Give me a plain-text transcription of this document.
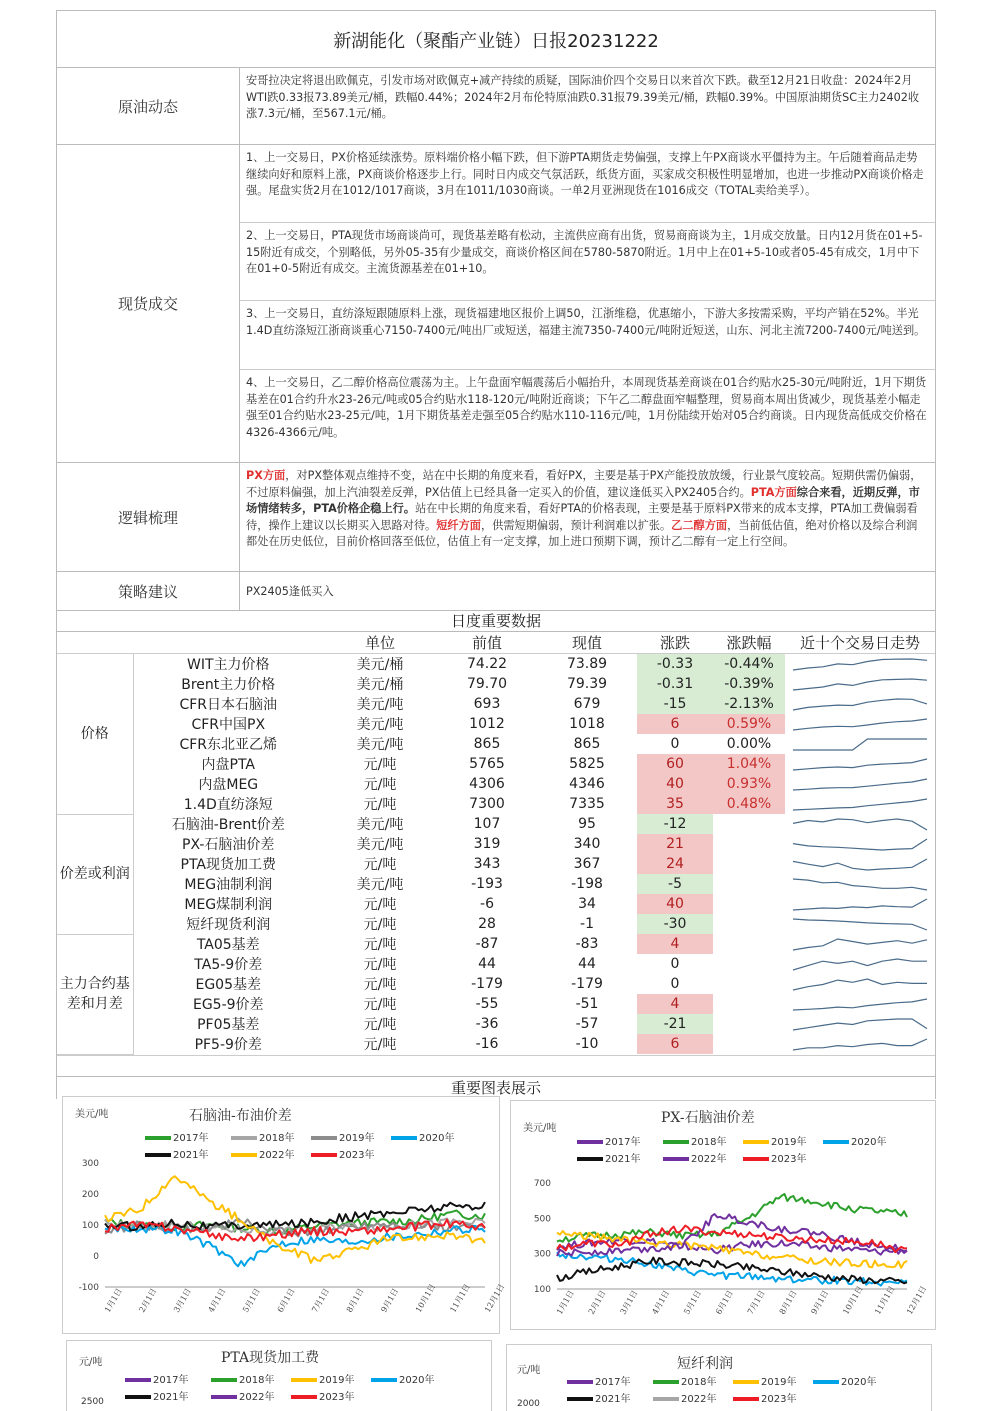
新湖能化（聚酯产业链）日报20231222
原油动态
安哥拉决定将退出欧佩克，引发市场对欧佩克+减产持续的质疑，国际油价四个交易日以来首次下跌。截至12月21日收盘：2024年2月WTI跌0.33报73.89美元/桶，跌幅0.44%；2024年2月布伦特原油跌0.31报79.39美元/桶，跌幅0.39%。中国原油期货SC主力2402收涨7.3元/桶，至567.1元/桶。
现货成交
1、上一交易日，PX价格延续涨势。原料端价格小幅下跌，但下游PTA期货走势偏强，支撑上午PX商谈水平僵持为主。午后随着商品走势继续向好和原料上涨，PX商谈价格逐步上行。同时日内成交气氛活跃，纸货方面，买家成交积极性明显增加，也进一步推动PX商谈价格走强。尾盘实货2月在1012/1017商谈，3月在1011/1030商谈。一单2月亚洲现货在1016成交（TOTAL卖给美孚）。
2、上一交易日，PTA现货市场商谈尚可，现货基差略有松动，主流供应商有出货，贸易商商谈为主，1月成交放量。日内12月货在01+5-15附近有成交，个别略低，另外05-35有少量成交，商谈价格区间在5780-5870附近。1月中上在01+5-10或者05-45有成交，1月中下在01+0-5附近有成交。主流货源基差在01+10。
3、上一交易日，直纺涤短跟随原料上涨，现货福建地区报价上调50，江浙维稳，优惠缩小，下游大多按需采购，平均产销在52%。半光1.4D直纺涤短江浙商谈重心7150-7400元/吨出厂或短送，福建主流7350-7400元/吨附近短送，山东、河北主流7200-7400元/吨送到。
4、上一交易日，乙二醇价格高位震荡为主。上午盘面窄幅震荡后小幅抬升，本周现货基差商谈在01合约贴水25-30元/吨附近，1月下期货基差在01合约升水23-26元/吨或05合约贴水118-120元/吨附近商谈；下午乙二醇盘面窄幅整理，贸易商本周出货减少，现货基差小幅走强至01合约贴水23-25元/吨，1月下期货基差走强至05合约贴水110-116元/吨，1月份陆续开始对05合约商谈。日内现货高低成交价格在4326-4366元/吨。
逻辑梳理
PX方面，对PX整体观点维持不变，站在中长期的角度来看，看好PX，主要是基于PX产能投放放缓，行业景气度较高。短期供需仍偏弱，不过原料偏强，加上汽油裂差反弹，PX估值上已经具备一定买入的价值，建议逢低买入PX2405合约。PTA方面综合来看，近期反弹，市场情绪转多，PTA价格企稳上行。站在中长期的角度来看，看好PTA的价格表现，主要是基于原料PX带来的成本支撑，PTA加工费偏弱看待，操作上建议以长期买入思路对待。短纤方面，供需短期偏弱，预计利润难以扩张。乙二醇方面，当前低估值，绝对价格以及综合利润都处在历史低位，目前价格回落至低位，估值上有一定支撑，加上进口预期下调，预计乙二醇有一定上行空间。
策略建议	PX2405逢低买入
日度重要数据
		单位	前值	现值	涨跌	涨跌幅	近十个交易日走势
价格	WIT主力价格	美元/桶	74.22	73.89	-0.33	-0.44%	

	Brent主力价格	美元/桶	79.70	79.39	-0.31	-0.39%	

	CFR日本石脑油	美元/吨	693	679	-15	-2.13%	

	CFR中国PX	美元/吨	1012	1018	6	0.59%	

	CFR东北亚乙烯	美元/吨	865	865	0	0.00%	

	内盘PTA	元/吨	5765	5825	60	1.04%	

	内盘MEG	元/吨	4306	4346	40	0.93%	

	1.4D直纺涤短	元/吨	7300	7335	35	0.48%	

价差或利润	石脑油-Brent价差	美元/吨	107	95	-12		

	PX-石脑油价差	美元/吨	319	340	21		

	PTA现货加工费	元/吨	343	367	24		

	MEG油制利润	美元/吨	-193	-198	-5		

	MEG煤制利润	元/吨	-6	34	40		

	短纤现货利润	元/吨	28	-1	-30		

主力合约基差和月差	TA05基差	元/吨	-87	-83	4		

	TA5-9价差	元/吨	44	44	0		

	EG05基差	元/吨	-179	-179	0		

	EG5-9价差	元/吨	-55	-51	4		

	PF05基差	元/吨	-36	-57	-21		

	PF5-9价差	元/吨	-16	-10	6		
重要图表展示
美元/吨	石脑油-布油价差
2017年	2018年	2019年	2020年
2021年	2022年	2023年
-100
0
100
200
300
1月1日 2月1日 3月1日 4月1日 5月1日 6月1日 7月1日 8月1日 9月1日 10月1日 11月1日 12月1日
美元/吨
PX-石脑油价差
2017年	2018年	2019年	2020年
2021年	2022年	2023年
100
300
500
700
1月1日 2月1日 3月1日 4月1日 5月1日 6月1日 7月1日 8月1日 9月1日 10月1日 11月1日 12月1日
元/吨	PTA现货加工费
2017年	2018年	2019年	2020年
2021年	2022年	2023年
2500
元/吨	短纤利润
2017年	2018年	2019年	2020年
2021年	2022年	2023年
2000
